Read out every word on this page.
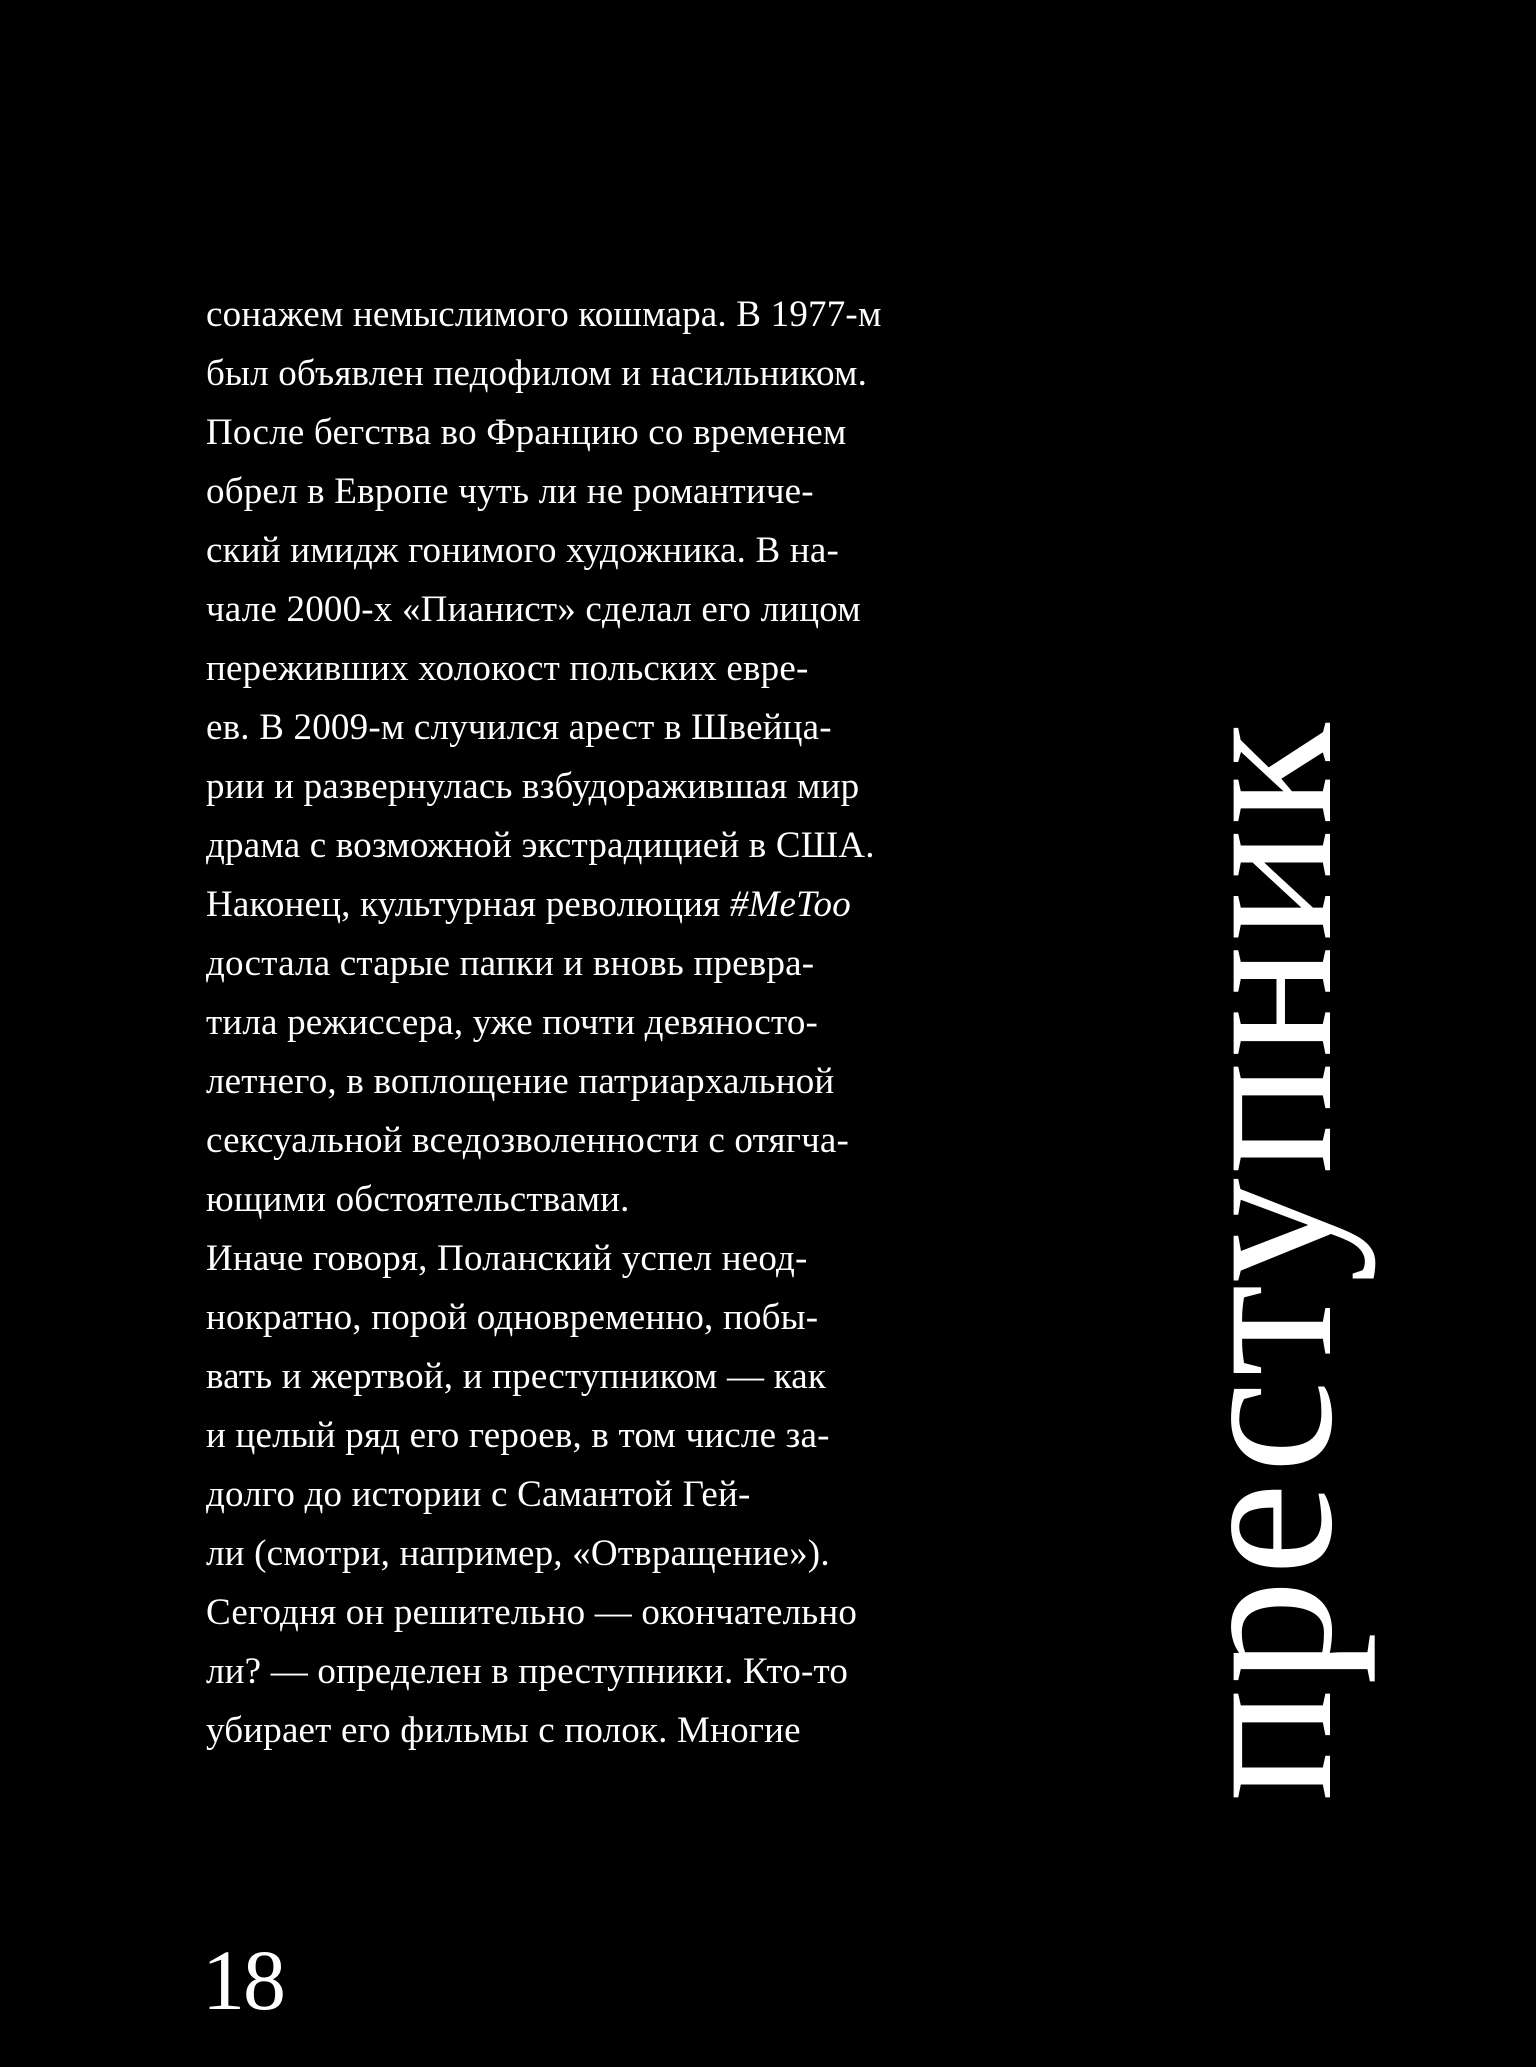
сонажем немыслимого кошмара. В 1977-м
был объявлен педофилом и насильником.
После бегства во Францию со временем
обрел в Европе чуть ли не романтиче-
ский имидж гонимого художника. В на-
чале 2000-х «Пианист» сделал его лицом
переживших холокост польских евре-
ев. В 2009-м случился арест в Швейца-
рии и развернулась взбудоражившая мир
драма с возможной экстрадицией в США.
Наконец, культурная революция #MeToo
достала старые папки и вновь превра-
тила режиссера, уже почти девяносто-
летнего, в воплощение патриархальной
сексуальной вседозволенности с отягча-
ющими обстоятельствами.
Иначе говоря, Поланский успел неод-
нократно, порой одновременно, побы-
вать и жертвой, и преступником — как
и целый ряд его героев, в том числе за-
долго до истории с Самантой Гей-
ли (смотри, например, «Отвращение»).
Сегодня он решительно — окончательно
ли? — определен в преступники. Кто-то
убирает его фильмы с полок. Многие	преступник
18
